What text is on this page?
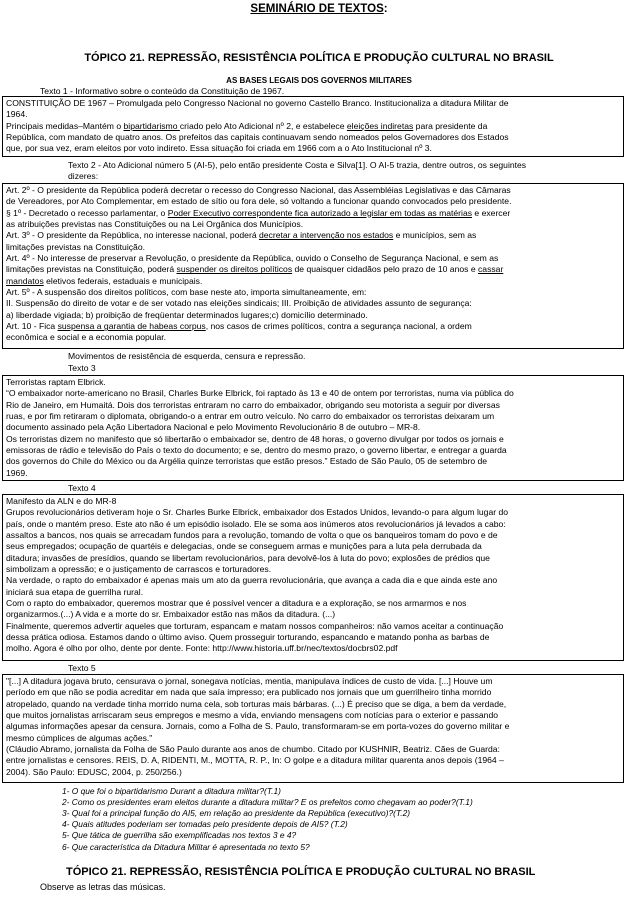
SEMINÁRIO DE TEXTOS:
TÓPICO 21. REPRESSÃO, RESISTÊNCIA POLÍTICA E PRODUÇÃO CULTURAL NO BRASIL
AS BASES LEGAIS DOS GOVERNOS MILITARES
Texto 1 - Informativo sobre o conteúdo da Constituição de 1967.

CONSTITUIÇÃO DE 1967 – Promulgada pelo Congresso Nacional no governo Castello Branco. Institucionaliza a ditadura Militar de

1964.

Principais medidas–Mantém o bipartidarismo criado pelo Ato Adicional nº 2, e estabelece eleições indiretas para presidente da

República, com mandato de quatro anos. Os prefeitos das capitais continuavam sendo nomeados pelos Governadores dos Estados

que, por sua vez, eram eleitos por voto indireto. Essa situação foi criada em 1966 com a o Ato Institucional nº 3.

Texto 2 - Ato Adicional número 5 (AI-5), pelo então presidente Costa e Silva[1]. O AI-5 trazia, dentre outros, os seguintes
dizeres:

Art. 2º - O presidente da República poderá decretar o recesso do Congresso Nacional, das Assembléias Legislativas e das Câmaras

de Vereadores, por Ato Complementar, em estado de sítio ou fora dele, só voltando a funcionar quando convocados pelo presidente.

§ 1º - Decretado o recesso parlamentar, o Poder Executivo correspondente fica autorizado a legislar em todas as matérias e exercer

as atribuições previstas nas Constituições ou na Lei Orgânica dos Municípios.

Art. 3º - O presidente da República, no interesse nacional, poderá decretar a intervenção nos estados e municípios, sem as

limitações previstas na Constituição.

Art. 4º - No interesse de preservar a Revolução, o presidente da República, ouvido o Conselho de Segurança Nacional, e sem as

limitações previstas na Constituição, poderá suspender os direitos políticos de quaisquer cidadãos pelo prazo de 10 anos e cassar

mandatos eletivos federais, estaduais e municipais.

Art. 5º - A suspensão dos direitos políticos, com base neste ato, importa simultaneamente, em:

II. Suspensão do direito de votar e de ser votado nas eleições sindicais; III. Proibição de atividades assunto de segurança:

a) liberdade vigiada; b) proibição de freqüentar determinados lugares;c) domicílio determinado.

Art. 10 - Fica suspensa a garantia de habeas corpus, nos casos de crimes políticos, contra a segurança nacional, a ordem

econômica e social e a economia popular.

Movimentos de resistência de esquerda, censura e repressão.
Texto 3

Terroristas raptam Elbrick.

“O embaixador norte-americano no Brasil, Charles Burke Elbrick, foi raptado às 13 e 40 de ontem por terroristas, numa via pública do

Rio de Janeiro, em Humaitá. Dois dos terroristas entraram no carro do embaixador, obrigando seu motorista a seguir por diversas

ruas, e por fim retiraram o diplomata, obrigando-o a entrar em outro veículo. No carro do embaixador os terroristas deixaram um

documento assinado pela Ação Libertadora Nacional e pelo Movimento Revolucionário 8 de outubro – MR-8.

Os terroristas dizem no manifesto que só libertarão o embaixador se, dentro de 48 horas, o governo divulgar por todos os jornais e

emissoras de rádio e televisão do País o texto do documento; e se, dentro do mesmo prazo, o governo libertar, e entregar a guarda

dos governos do Chile do México ou da Argélia quinze terroristas que estão presos.” Estado de São Paulo, 05 de setembro de

1969.

Texto 4

Manifesto da ALN e do MR-8

Grupos revolucionários detiveram hoje o Sr. Charles Burke Elbrick, embaixador dos Estados Unidos, levando-o para algum lugar do

país, onde o mantém preso. Este ato não é um episódio isolado. Ele se soma aos inúmeros atos revolucionários já levados a cabo:

assaltos a bancos, nos quais se arrecadam fundos para a revolução, tomando de volta o que os banqueiros tomam do povo e de

seus empregados; ocupação de quartéis e delegacias, onde se conseguem armas e munições para a luta pela derrubada da

ditadura; invasões de presídios, quando se libertam revolucionários, para devolvê-los à luta do povo; explosões de prédios que

simbolizam a opressão; e o justiçamento de carrascos e torturadores.

Na verdade, o rapto do embaixador é apenas mais um ato da guerra revolucionária, que avança a cada dia e que ainda este ano

iniciará sua etapa de guerrilha rural.

Com o rapto do embaixador, queremos mostrar que é possível vencer a ditadura e a exploração, se nos armarmos e nos

organizarmos.(...) A vida e a morte do sr. Embaixador estão nas mãos da ditadura. (...)

Finalmente, queremos advertir aqueles que torturam, espancam e matam nossos companheiros: não vamos aceitar a continuação

dessa prática odiosa. Estamos dando o último aviso. Quem prosseguir torturando, espancando e matando ponha as barbas de

molho. Agora é olho por olho, dente por dente. Fonte: http://www.historia.uff.br/nec/textos/docbrs02.pdf

Texto 5

"[...] A ditadura jogava bruto, censurava o jornal, sonegava notícias, mentia, manipulava índices de custo de vida. [...] Houve um

período em que não se podia acreditar em nada que saía impresso; era publicado nos jornais que um guerrilheiro tinha morrido

atropelado, quando na verdade tinha morrido numa cela, sob torturas mais bárbaras. (...) É preciso que se diga, a bem da verdade,

que muitos jornalistas arriscaram seus empregos e mesmo a vida, enviando mensagens com notícias para o exterior e passando

algumas informações apesar da censura. Jornais, como a Folha de S. Paulo, transformaram-se em porta-vozes do governo militar e

mesmo cúmplices de algumas ações."

(Cláudio Abramo, jornalista da Folha de São Paulo durante aos anos de chumbo. Citado por KUSHNIR, Beatriz. Cães de Guarda:

entre jornalistas e censores. REIS, D. A, RIDENTI, M., MOTTA, R. P., In: O golpe e a ditadura militar quarenta anos depois (1964 –

2004). São Paulo: EDUSC, 2004, p. 250/256.)

1- O que foi o bipartidarismo Durant a ditadura militar?(T.1)
2- Como os presidentes eram eleitos durante a ditadura militar? E os prefeitos como chegavam ao poder?(T.1)
3- Qual foi a principal função do AI5, em relação ao presidente da República (executivo)?(T.2)
4- Quais atitudes poderiam ser tomadas pelo presidente depois de AI5? (T.2)
5- Que tática de guerrilha são exemplificadas nos textos 3 e 4?
6- Que característica da Ditadura Militar é apresentada no texto 5?
TÓPICO 21. REPRESSÃO, RESISTÊNCIA POLÍTICA E PRODUÇÃO CULTURAL NO BRASIL
Observe as letras das músicas.
